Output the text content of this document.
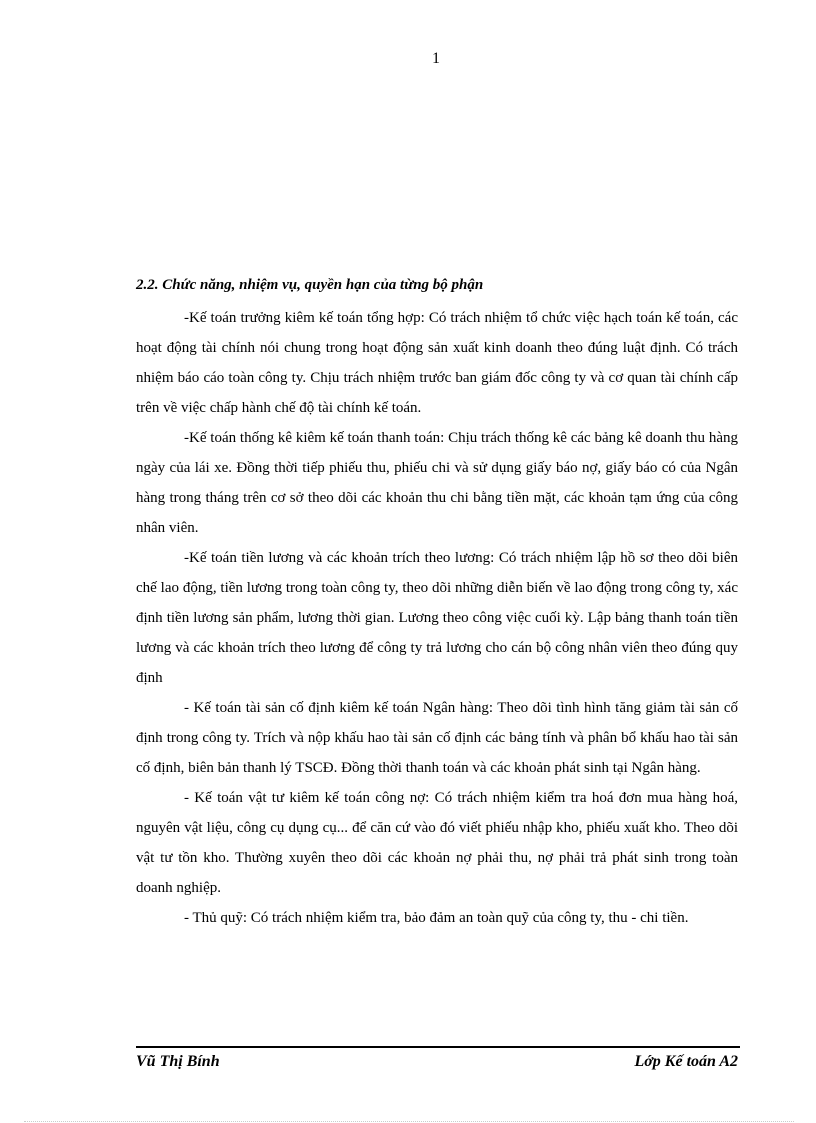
1
2.2. Chức năng, nhiệm vụ, quyền hạn của từng bộ phận

-Kế toán trưởng kiêm kế toán tổng hợp: Có trách nhiệm tổ chức việc hạch toán kế toán, các hoạt động tài chính nói chung trong hoạt động sản xuất kinh doanh theo đúng luật định. Có trách nhiệm báo cáo toàn công ty. Chịu trách nhiệm trước ban giám đốc công ty và cơ quan tài chính cấp trên về việc chấp hành chế độ tài chính kế toán.

-Kế toán thống kê kiêm kế toán thanh toán: Chịu trách thống kê các bảng kê doanh thu hàng ngày của lái xe. Đồng thời tiếp phiếu thu, phiếu chi và sử dụng giấy báo nợ, giấy báo có của Ngân hàng trong tháng trên cơ sở theo dõi các khoản thu chi bằng tiền mặt, các khoản tạm ứng của công nhân viên.

-Kế toán tiền lương và các khoản trích theo lương: Có trách nhiệm lập hồ sơ theo dõi biên chế lao động, tiền lương trong toàn công ty, theo dõi những diễn biến về lao động trong công ty, xác định tiền lương sản phẩm, lương thời gian. Lương theo công việc cuối kỳ. Lập bảng thanh toán tiền lương và các khoản trích theo lương để công ty trả lương cho cán bộ công nhân viên theo đúng quy định

- Kế toán tài sản cố định kiêm kế toán Ngân hàng: Theo dõi tình hình tăng giảm tài sản cố định trong công ty. Trích và nộp khấu hao tài sản cố định các bảng tính và phân bổ khấu hao tài sản cố định, biên bản thanh lý TSCĐ. Đồng thời thanh toán và các khoản phát sinh tại Ngân hàng.

- Kế toán vật tư kiêm kế toán công nợ: Có trách nhiệm kiểm tra hoá đơn mua hàng hoá, nguyên vật liệu, công cụ dụng cụ... để căn cứ vào đó viết phiếu nhập kho, phiếu xuất kho. Theo dõi vật tư tồn kho. Thường xuyên theo dõi các khoản nợ phải thu, nợ phải trả phát sinh trong toàn doanh nghiệp.

- Thủ quỹ: Có trách nhiệm kiểm tra, bảo đảm an toàn quỹ của công ty, thu - chi tiền.

Vũ Thị Bính	Lớp Kế toán A2
